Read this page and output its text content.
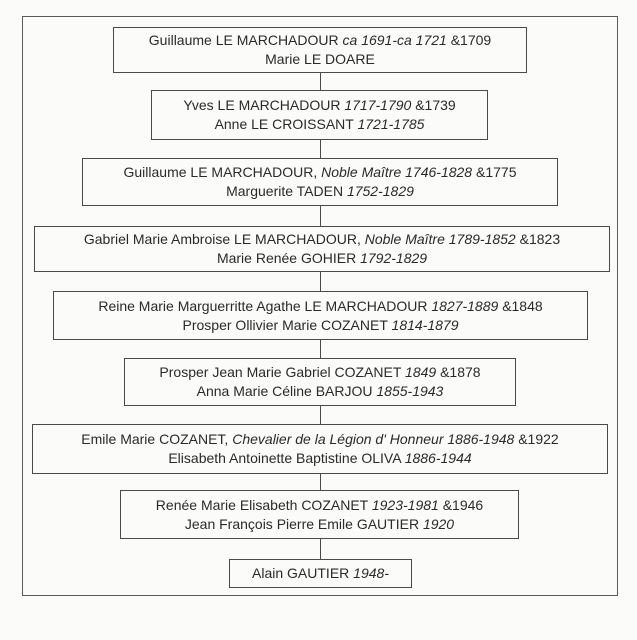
Guillaume LE MARCHADOUR ca 1691-ca 1721 &1709
Marie LE DOARE
Yves LE MARCHADOUR 1717-1790 &1739
Anne LE CROISSANT 1721-1785
Guillaume LE MARCHADOUR, Noble Maître 1746-1828 &1775
Marguerite TADEN 1752-1829
Gabriel Marie Ambroise LE MARCHADOUR, Noble Maître 1789-1852 &1823
Marie Renée GOHIER 1792-1829
Reine Marie Marguerritte Agathe LE MARCHADOUR 1827-1889 &1848
Prosper Ollivier Marie COZANET 1814-1879
Prosper Jean Marie Gabriel COZANET 1849 &1878
Anna Marie Céline BARJOU 1855-1943
Emile Marie COZANET, Chevalier de la Légion d' Honneur 1886-1948 &1922
Elisabeth Antoinette Baptistine OLIVA 1886-1944
Renée Marie Elisabeth COZANET 1923-1981 &1946
Jean François Pierre Emile GAUTIER 1920
Alain GAUTIER 1948-
